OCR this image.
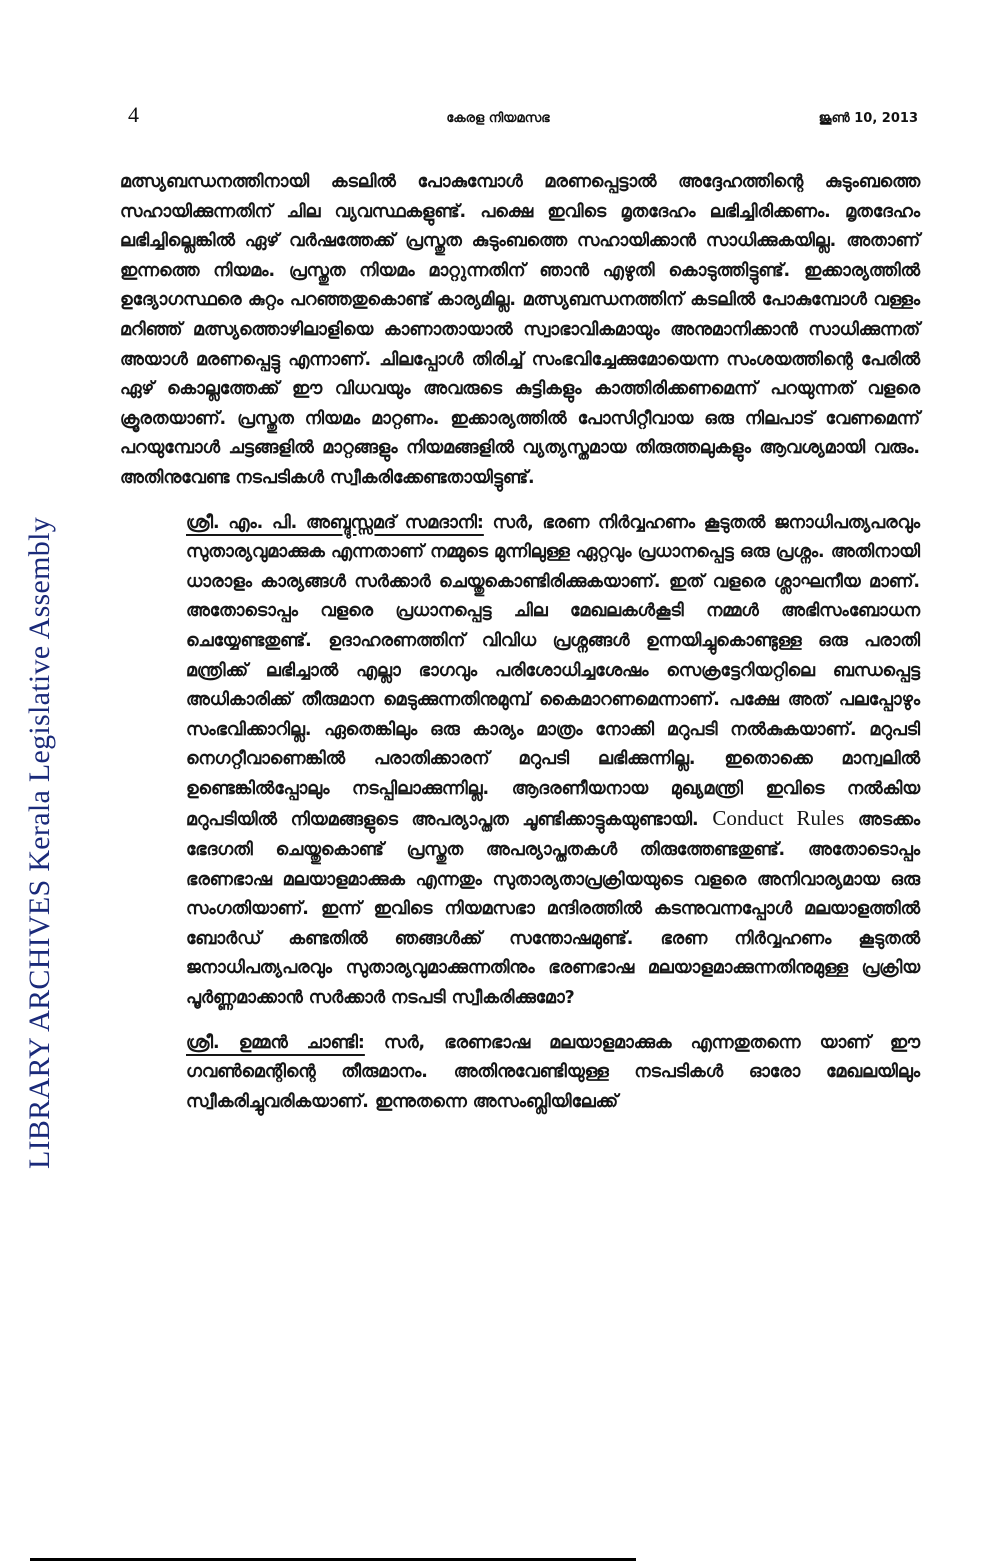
4	കേരള നിയമസഭ	ജൂൺ 10, 2013
LIBRARY ARCHIVES Kerala Legislative Assembly

മത്സ്യബന്ധനത്തിനായി കടലിൽ പോകുമ്പോൾ മരണപ്പെട്ടാൽ അദ്ദേഹത്തിന്റെ കുടുംബത്തെ സഹായിക്കുന്നതിന് ചില വ്യവസ്ഥകളുണ്ട്. പക്ഷെ ഇവിടെ മൃതദേഹം ലഭിച്ചിരിക്കണം. മൃതദേഹം ലഭിച്ചില്ലെങ്കിൽ ഏഴ് വർഷത്തേക്ക് പ്രസ്തുത കുടുംബത്തെ സഹായിക്കാൻ സാധിക്കുകയില്ല. അതാണ് ഇന്നത്തെ നിയമം. പ്രസ്തുത നിയമം മാറ്റുന്നതിന് ഞാൻ എഴുതി കൊടുത്തിട്ടുണ്ട്. ഇക്കാര്യത്തിൽ ഉദ്യോഗസ്ഥരെ കുറ്റം പറഞ്ഞതുകൊണ്ട് കാര്യമില്ല. മത്സ്യബന്ധനത്തിന് കടലിൽ പോകുമ്പോൾ വള്ളം മറിഞ്ഞ് മത്സ്യത്തൊഴിലാളിയെ കാണാതായാൽ സ്വാഭാവികമായും അനുമാനിക്കാൻ സാധിക്കുന്നത് അയാൾ മരണപ്പെട്ടു എന്നാണ്. ചിലപ്പോൾ തിരിച്ച് സംഭവിച്ചേക്കുമോയെന്ന സംശയത്തിന്റെ പേരിൽ ഏഴ് കൊല്ലത്തേക്ക് ഈ വിധവയും അവരുടെ കുട്ടികളും കാത്തിരിക്കണമെന്ന് പറയുന്നത് വളരെ ക്രൂരതയാണ്. പ്രസ്തുത നിയമം മാറ്റണം. ഇക്കാര്യത്തിൽ പോസിറ്റീവായ ഒരു നിലപാട് വേണമെന്ന് പറയുമ്പോൾ ചട്ടങ്ങളിൽ മാറ്റങ്ങളും നിയമങ്ങളിൽ വ്യത്യസ്തമായ തിരുത്തലുകളും ആവശ്യമായി വരും. അതിനുവേണ്ട നടപടികൾ സ്വീകരിക്കേണ്ടതായിട്ടുണ്ട്.

ശ്രീ. എം. പി. അബ്ദുസ്സമദ് സമദാനി: സർ, ഭരണ നിർവ്വഹണം കൂടുതൽ ജനാധിപത്യപരവും സുതാര്യവുമാക്കുക എന്നതാണ് നമ്മുടെ മുന്നിലുള്ള ഏറ്റവും പ്രധാനപ്പെട്ട ഒരു പ്രശ്നം. അതിനായി ധാരാളം കാര്യങ്ങൾ സർക്കാർ ചെയ്തുകൊണ്ടിരിക്കുകയാണ്. ഇത് വളരെ ശ്ലാഘനീയ മാണ്. അതോടൊപ്പം വളരെ പ്രധാനപ്പെട്ട ചില മേഖലകൾകൂടി നമ്മൾ അഭിസംബോധന ചെയ്യേണ്ടതുണ്ട്. ഉദാഹരണത്തിന് വിവിധ പ്രശ്നങ്ങൾ ഉന്നയിച്ചുകൊണ്ടുള്ള ഒരു പരാതി മന്ത്രിക്ക് ലഭിച്ചാൽ എല്ലാ ഭാഗവും പരിശോധിച്ചശേഷം സെക്രട്ടേറിയറ്റിലെ ബന്ധപ്പെട്ട അധികാരിക്ക് തീരുമാന മെടുക്കുന്നതിനുമുമ്പ് കൈമാറണമെന്നാണ്. പക്ഷേ അത് പലപ്പോഴും സംഭവിക്കാറില്ല. ഏതെങ്കിലും ഒരു കാര്യം മാത്രം നോക്കി മറുപടി നൽകുകയാണ്. മറുപടി നെഗറ്റീവാണെങ്കിൽ പരാതിക്കാരന് മറുപടി ലഭിക്കുന്നില്ല. ഇതൊക്കെ മാന്വലിൽ ഉണ്ടെങ്കിൽപ്പോലും നടപ്പിലാക്കുന്നില്ല. ആദരണീയനായ മുഖ്യമന്ത്രി ഇവിടെ നൽകിയ മറുപടിയിൽ നിയമങ്ങളുടെ അപര്യാപ്തത ചൂണ്ടിക്കാട്ടുകയുണ്ടായി. Conduct Rules അടക്കം ഭേദഗതി ചെയ്തുകൊണ്ട് പ്രസ്തുത അപര്യാപ്തതകൾ തിരുത്തേണ്ടതുണ്ട്. അതോടൊപ്പം ഭരണഭാഷ മലയാളമാക്കുക എന്നതും സുതാര്യതാപ്രക്രിയയുടെ വളരെ അനിവാര്യമായ ഒരു സംഗതിയാണ്. ഇന്ന് ഇവിടെ നിയമസഭാ മന്ദിരത്തിൽ കടന്നുവന്നപ്പോൾ മലയാളത്തിൽ ബോർഡ് കണ്ടതിൽ ഞങ്ങൾക്ക് സന്തോഷമുണ്ട്. ഭരണ നിർവ്വഹണം കൂടുതൽ ജനാധിപത്യപരവും സുതാര്യവുമാക്കുന്നതിനും ഭരണഭാഷ മലയാളമാക്കുന്നതിനുമുള്ള പ്രക്രിയ പൂർണ്ണമാക്കാൻ സർക്കാർ നടപടി സ്വീകരിക്കുമോ?

ശ്രീ. ഉമ്മൻ ചാണ്ടി: സർ, ഭരണഭാഷ മലയാളമാക്കുക എന്നതുതന്നെ യാണ് ഈ ഗവൺമെന്റിന്റെ തീരുമാനം. അതിനുവേണ്ടിയുള്ള നടപടികൾ ഓരോ മേഖലയിലും സ്വീകരിച്ചുവരികയാണ്. ഇന്നുതന്നെ അസംബ്ലിയിലേക്ക്
